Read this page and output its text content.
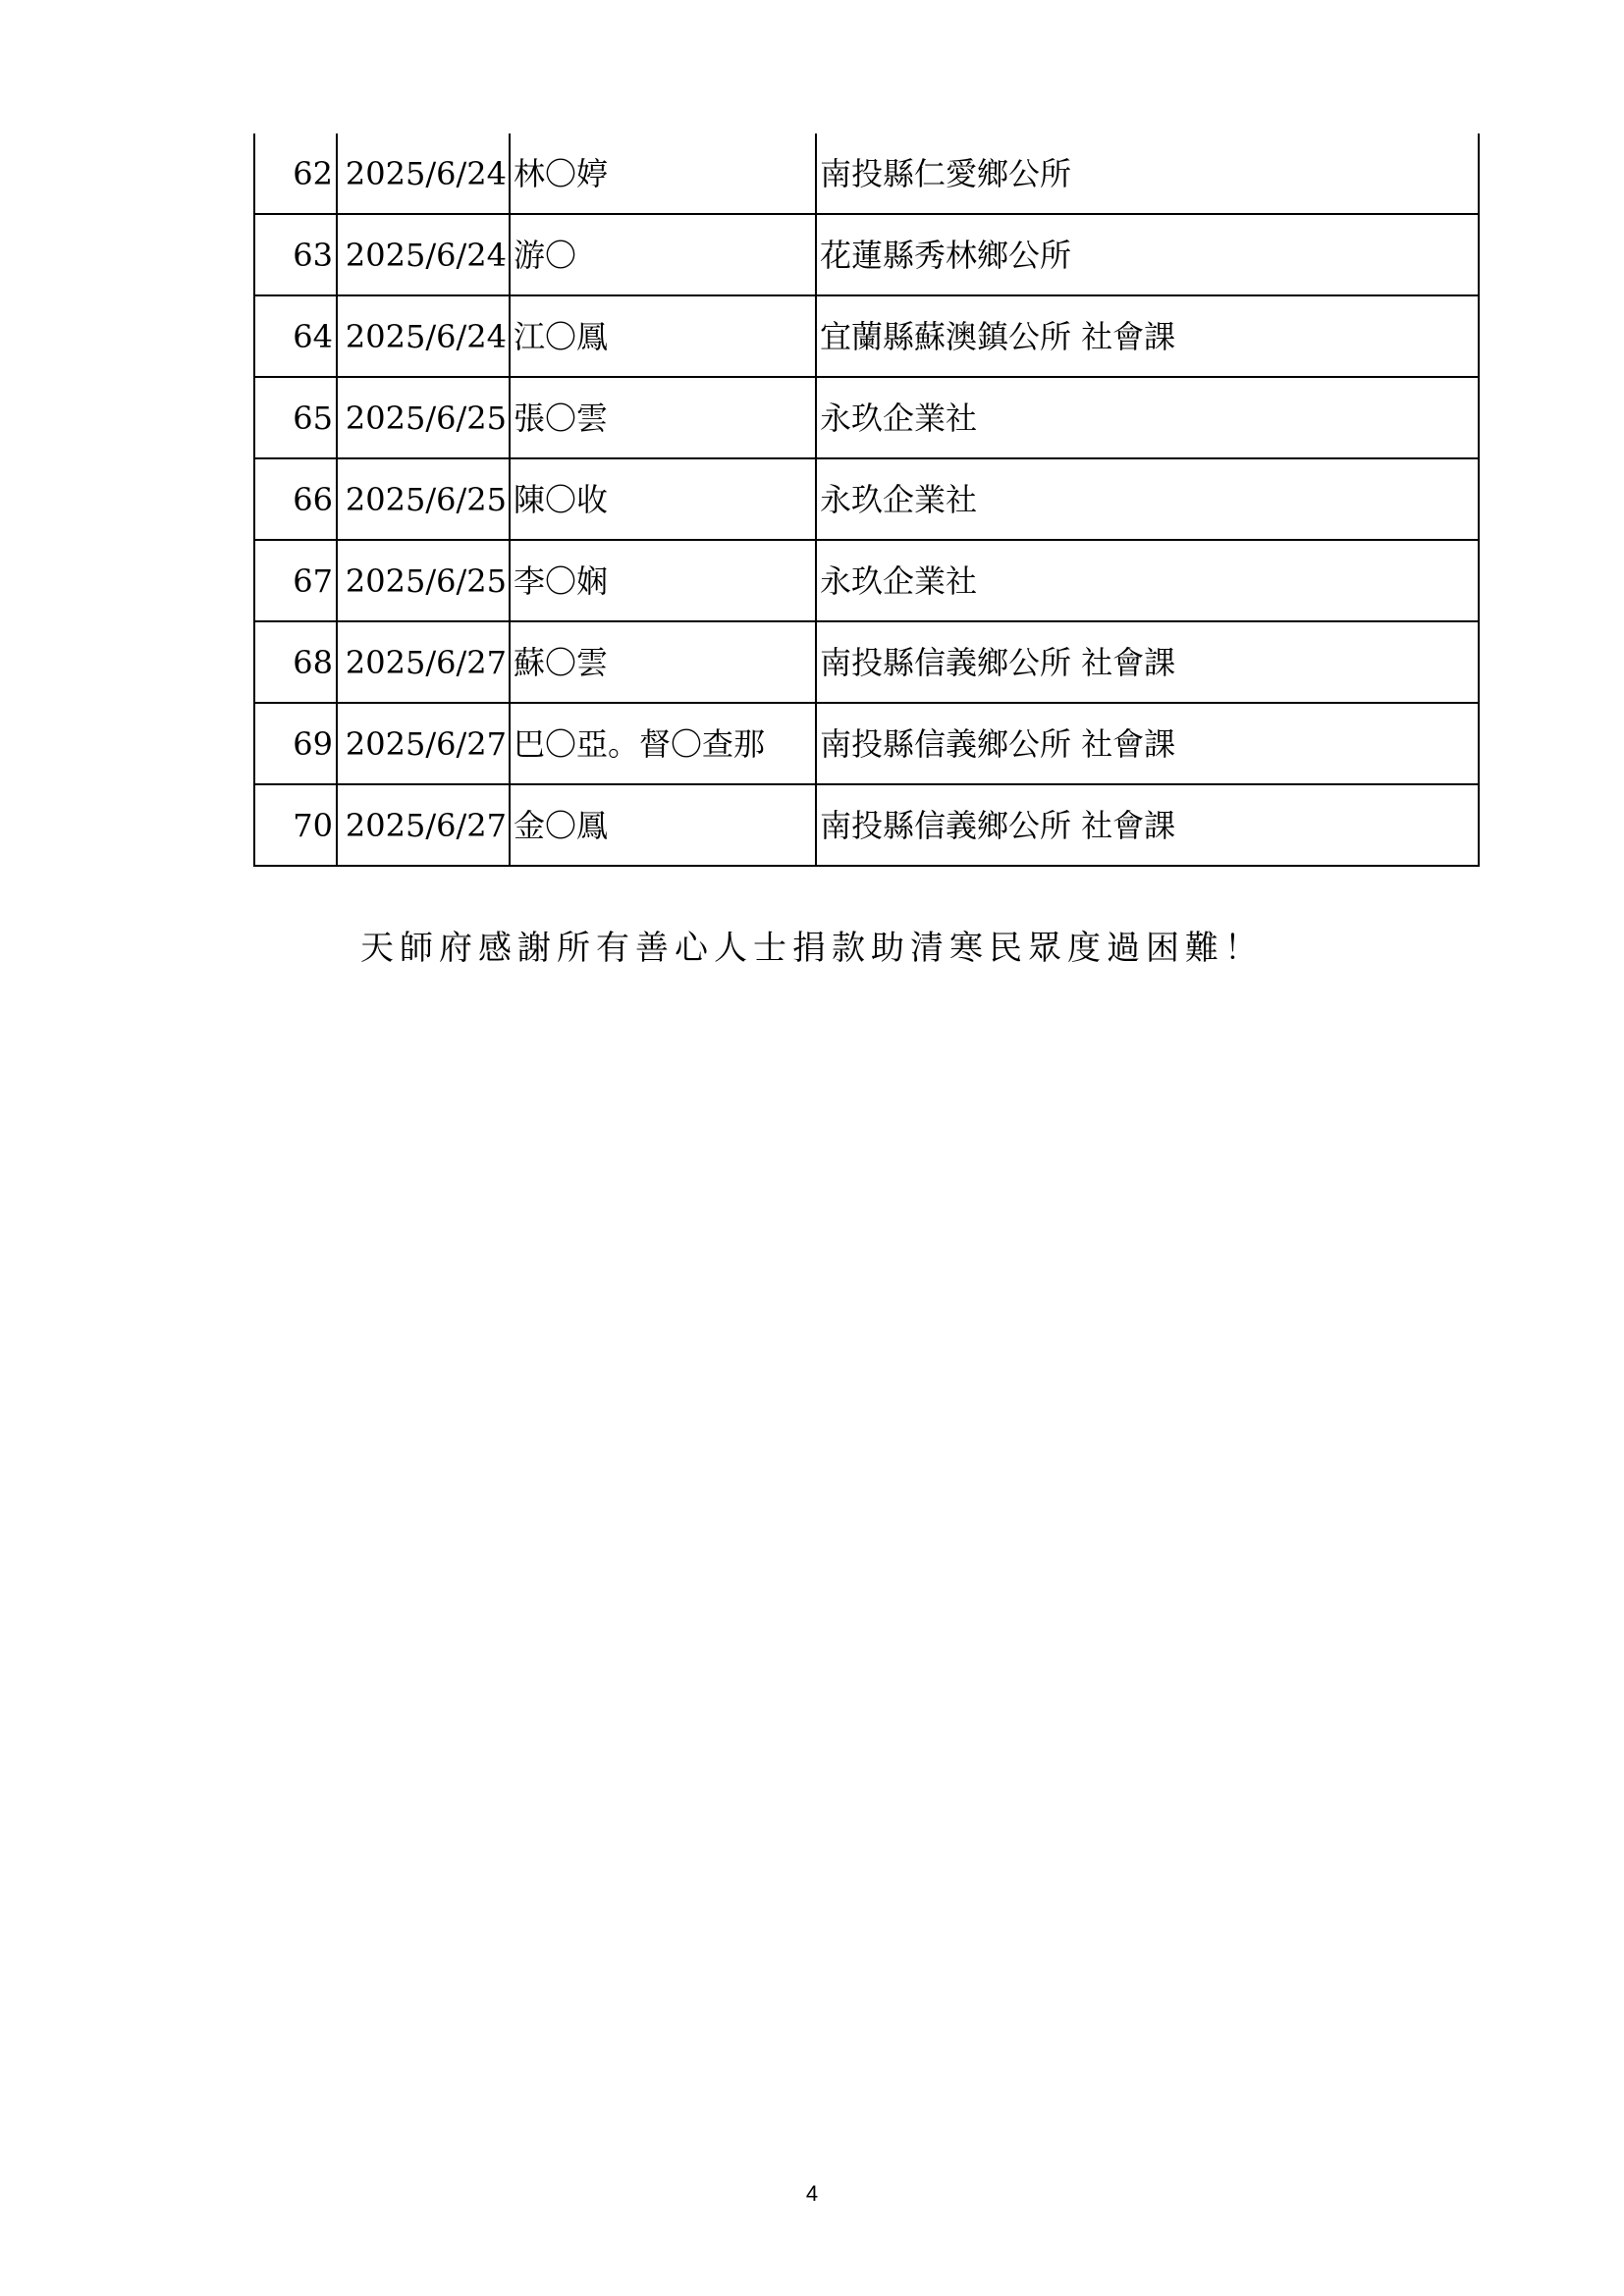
62	2025/6/24	林〇婷	南投縣仁愛鄉公所
63	2025/6/24	游〇	花蓮縣秀林鄉公所
64	2025/6/24	江〇鳳	宜蘭縣蘇澳鎮公所 社會課
65	2025/6/25	張〇雲	永玖企業社
66	2025/6/25	陳〇收	永玖企業社
67	2025/6/25	李〇娴	永玖企業社
68	2025/6/27	蘇〇雲	南投縣信義鄉公所 社會課
69	2025/6/27	巴〇亞。督〇查那	南投縣信義鄉公所 社會課
70	2025/6/27	金〇鳳	南投縣信義鄉公所 社會課
天師府感謝所有善心人士捐款助清寒民眾度過困難！
4
